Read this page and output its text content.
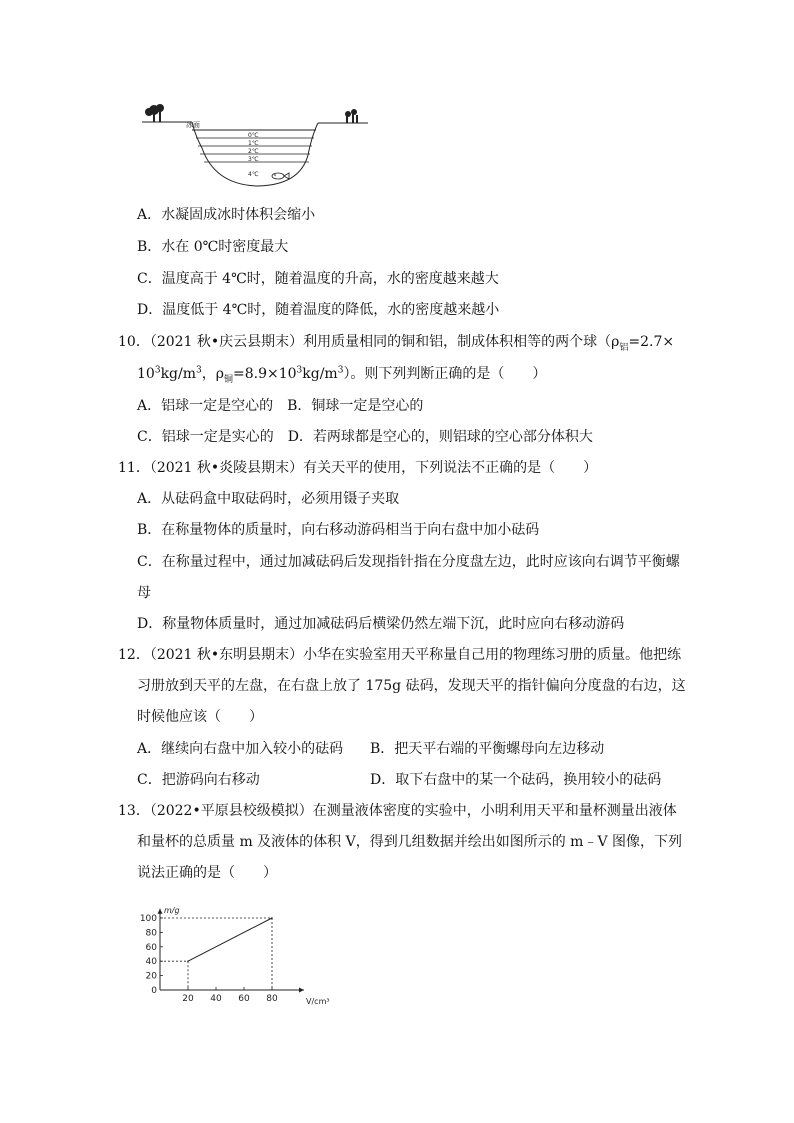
冰面
0℃
1℃
2℃
3℃
4℃
A．水凝固成冰时体积会缩小
B．水在 0℃时密度最大
C．温度高于 4℃时，随着温度的升高，水的密度越来越大
D．温度低于 4℃时，随着温度的降低，水的密度越来越小
10．（2021 秋•庆云县期末）利用质量相同的铜和铝，制成体积相等的两个球（$\rho_铝=2.7\times$
$10^3kg/m^3$，$\rho_铜=8.9\times 10^3kg/m^3$）。则下列判断正确的是（　　）
A．铝球一定是空心的　B．铜球一定是空心的
C．铝球一定是实心的　D．若两球都是空心的，则铝球的空心部分体积大
11．（2021 秋•炎陵县期末）有关天平的使用，下列说法不正确的是（　　）
A．从砝码盒中取砝码时，必须用镊子夹取
B．在称量物体的质量时，向右移动游码相当于向右盘中加小砝码
C．在称量过程中，通过加减砝码后发现指针指在分度盘左边，此时应该向右调节平衡螺
母
D．称量物体质量时，通过加减砝码后横梁仍然左端下沉，此时应向右移动游码
12．（2021 秋•东明县期末）小华在实验室用天平称量自己用的物理练习册的质量。他把练
习册放到天平的左盘，在右盘上放了 175g 砝码，发现天平的指针偏向分度盘的右边，这
时候他应该（　　）
A．继续向右盘中加入较小的砝码 B．把天平右端的平衡螺母向左边移动
C．把游码向右移动	D．取下右盘中的某一个砝码，换用较小的砝码
13．（2022•平原县校级模拟）在测量液体密度的实验中，小明利用天平和量杯测量出液体
和量杯的总质量 m 及液体的体积 V，得到几组数据并绘出如图所示的 m﹣V 图像，下列
说法正确的是（　　）
0
20
40
60
80
100
20 40 60 80
m/g
V/cm³
